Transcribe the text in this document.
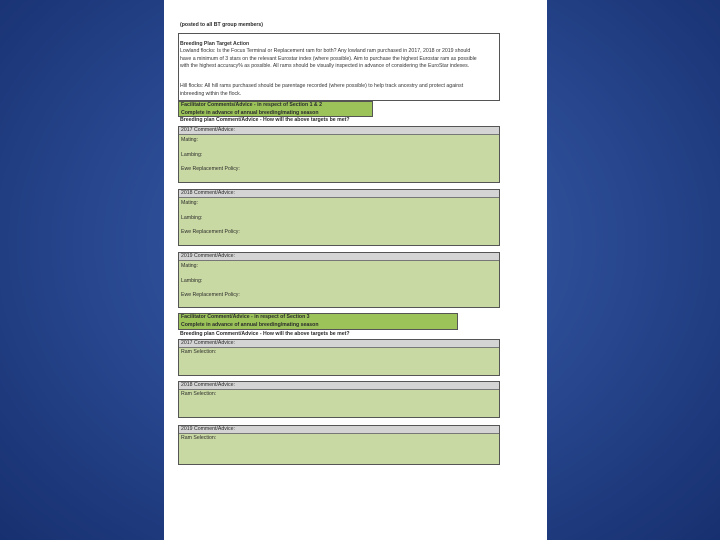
(posted to all BT group members)
Breeding Plan Target Action
Lowland flocks: Is the Focus Terminal or Replacement ram for both? Any lowland ram purchased in 2017, 2018 or 2019 should have a minimum of 3 stars on the relevant Eurostar index (where possible). Aim to purchase the highest Eurostar ram as possible with the highest accuracy% as possible. All rams should be visually inspected in advance of considering the EuroStar indexes.
Hill flocks: All hill rams purchased should be parentage recorded (where possible) to help track ancestry and protect against inbreeding within the flock.
Facilitator Comments/Advice - in respect of Section 1 & 2
Complete in advance of annual breeding/mating season
Breeding plan Comment/Advice - How will the above targets be met?
2017 Comment/Advice:
Mating:
Lambing:
Ewe Replacement Policy:
2018 Comment/Advice:
Mating:
Lambing:
Ewe Replacement Policy:
2019 Comment/Advice:
Mating:
Lambing:
Ewe Replacement Policy:
Facilitator Comment/Advice - in respect of Section 3
Complete in advance of annual breeding/mating season
Breeding plan Comment/Advice - How will the above targets be met?
2017 Comment/Advice:
Ram Selection:
2018 Comment/Advice:
Ram Selection:
2019 Comment/Advice:
Ram Selection:
